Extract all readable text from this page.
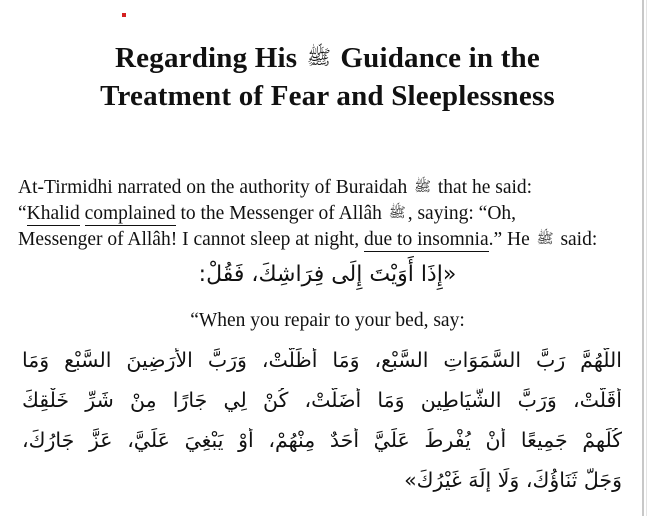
Regarding His ﷺ Guidance in the
Treatment of Fear and Sleeplessness
At-Tirmidhi narrated on the authority of Buraidah ﷺ that he said:
“Khalid complained to the Messenger of Allâh ﷺ , saying: “Oh,
Messenger of Allâh! I cannot sleep at night, due to insomnia.” He ﷺ said:
«إِذَا أَوَيْتَ إِلَى فِرَاشِكَ، فَقُلْ:
“When you repair to your bed, say:
اللَّهُمَّ رَبَّ السَّمَوَاتِ السَّبْعِ، وَمَا أَظَلَّتْ، وَرَبَّ الأَرَضِينَ السَّبْعِ وَمَا
أَقَلَّتْ، وَرَبَّ الشَّيَاطِينِ وَمَا أَضَلَّتْ، كُنْ لِي جَارًا مِنْ شَرِّ خَلْقِكَ
كُلِّهِمْ جَمِيعًا أَنْ يُفْرِطَ عَلَيَّ أَحَدٌ مِنْهُمْ، أَوْ يَبْغِيَ عَلَيَّ، عَزَّ جَارُكَ،
وَجَلَّ ثَنَاؤُكَ، وَلَا إِلَهَ غَيْرُكَ»
